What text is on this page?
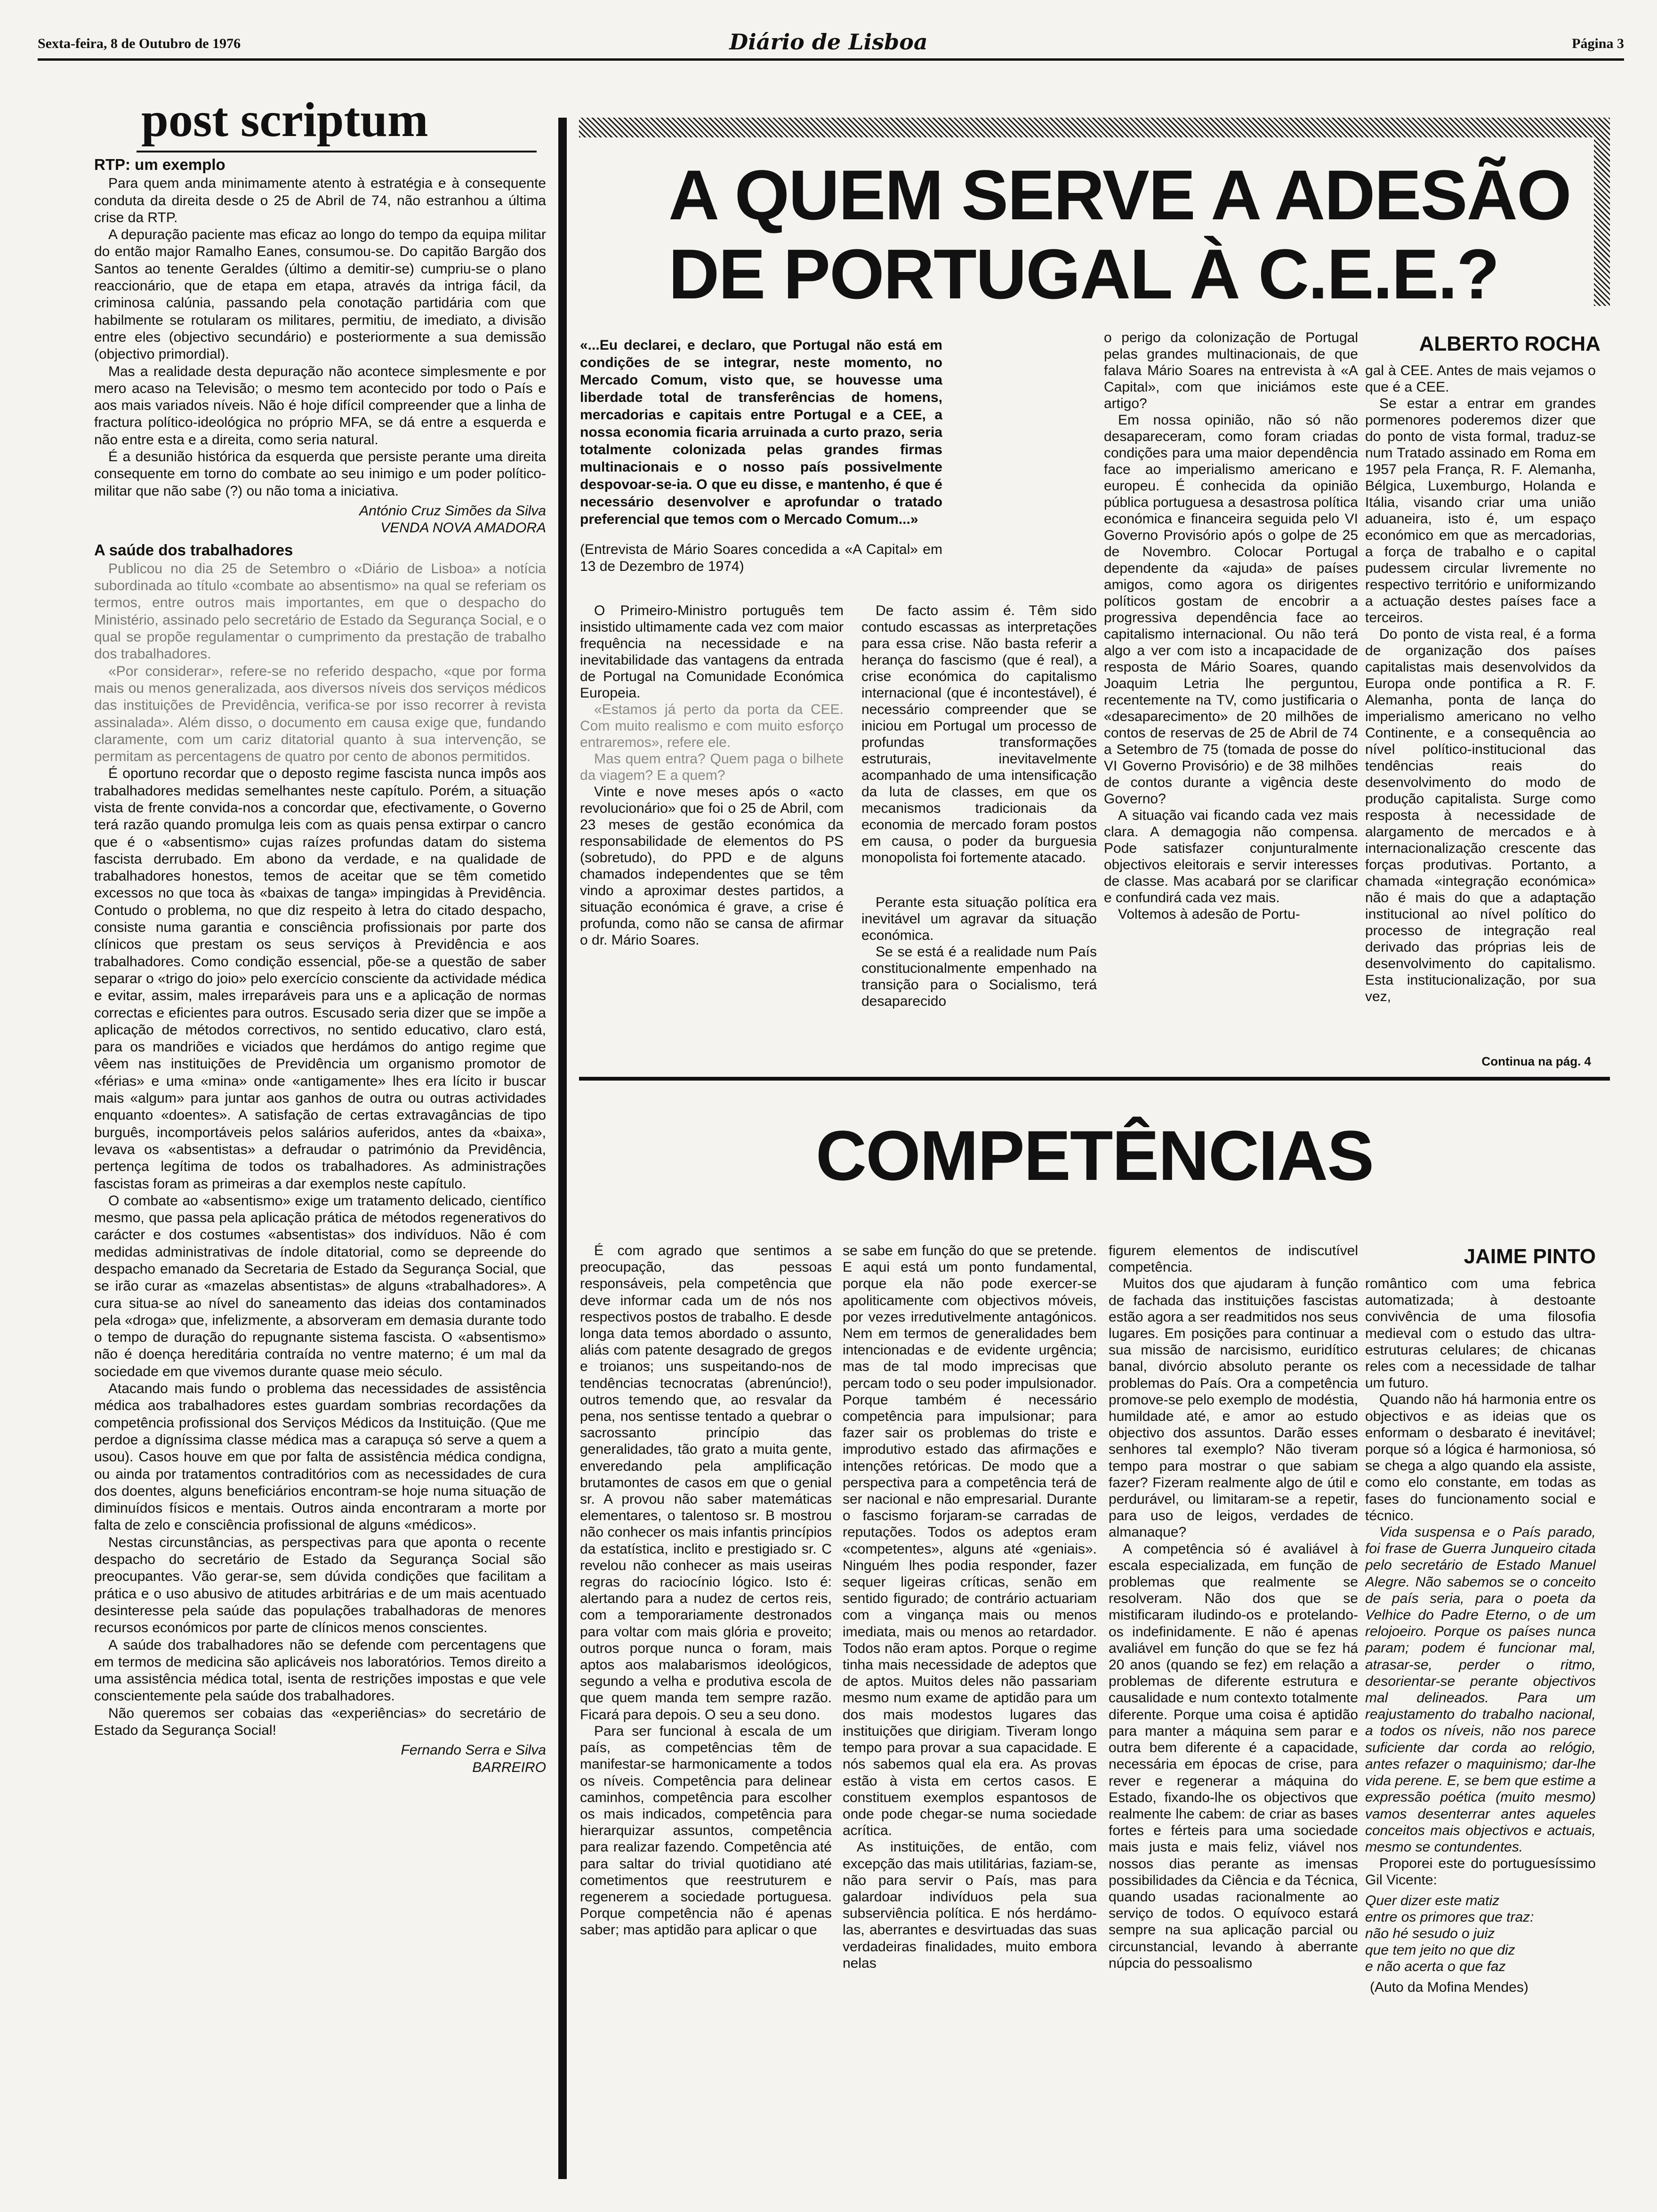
Sexta-feira, 8 de Outubro de 1976	Diário de Lisboa	Página 3
post scriptum
RTP: um exemplo

Para quem anda minimamente atento à estratégia e à consequente conduta da direita desde o 25 de Abril de 74, não estranhou a última crise da RTP.

A depuração paciente mas eficaz ao longo do tempo da equipa militar do então major Ramalho Eanes, consumou-se. Do capitão Bargão dos Santos ao tenente Geraldes (último a demitir-se) cumpriu-se o plano reaccionário, que de etapa em etapa, através da intriga fácil, da criminosa calúnia, passando pela conotação partidária com que habilmente se rotularam os militares, permitiu, de imediato, a divisão entre eles (objectivo secundário) e posteriormente a sua demissão (objectivo primordial).

Mas a realidade desta depuração não acontece simplesmente e por mero acaso na Televisão; o mesmo tem acontecido por todo o País e aos mais variados níveis. Não é hoje difícil compreender que a linha de fractura político-ideológica no próprio MFA, se dá entre a esquerda e não entre esta e a direita, como seria natural.

É a desunião histórica da esquerda que persiste perante uma direita consequente em torno do combate ao seu inimigo e um poder político-militar que não sabe (?) ou não toma a iniciativa.

António Cruz Simões da Silva
VENDA NOVA AMADORA
A saúde dos trabalhadores

Publicou no dia 25 de Setembro o «Diário de Lisboa» a notícia subordinada ao título «combate ao absentismo» na qual se referiam os termos, entre outros mais importantes, em que o despacho do Ministério, assinado pelo secretário de Estado da Segurança Social, e o qual se propõe regulamentar o cumprimento da prestação de trabalho dos trabalhadores.

«Por considerar», refere-se no referido despacho, «que por forma mais ou menos generalizada, aos diversos níveis dos serviços médicos das instituições de Previdência, verifica-se por isso recorrer à revista assinalada». Além disso, o documento em causa exige que, fundando claramente, com um cariz ditatorial quanto à sua intervenção, se permitam as percentagens de quatro por cento de abonos permitidos.

É oportuno recordar que o deposto regime fascista nunca impôs aos trabalhadores medidas semelhantes neste capítulo. Porém, a situação vista de frente convida-nos a concordar que, efectivamente, o Governo terá razão quando promulga leis com as quais pensa extirpar o cancro que é o «absentismo» cujas raízes profundas datam do sistema fascista derrubado. Em abono da verdade, e na qualidade de trabalhadores honestos, temos de aceitar que se têm cometido excessos no que toca às «baixas de tanga» impingidas à Previdência. Contudo o problema, no que diz respeito à letra do citado despacho, consiste numa garantia e consciência profissionais por parte dos clínicos que prestam os seus serviços à Previdência e aos trabalhadores. Como condição essencial, põe-se a questão de saber separar o «trigo do joio» pelo exercício consciente da actividade médica e evitar, assim, males irreparáveis para uns e a aplicação de normas correctas e eficientes para outros. Escusado seria dizer que se impõe a aplicação de métodos correctivos, no sentido educativo, claro está, para os mandriões e viciados que herdámos do antigo regime que vêem nas instituições de Previdência um organismo promotor de «férias» e uma «mina» onde «antigamente» lhes era lícito ir buscar mais «algum» para juntar aos ganhos de outra ou outras actividades enquanto «doentes». A satisfação de certas extravagâncias de tipo burguês, incomportáveis pelos salários auferidos, antes da «baixa», levava os «absentistas» a defraudar o património da Previdência, pertença legítima de todos os trabalhadores. As administrações fascistas foram as primeiras a dar exemplos neste capítulo.

O combate ao «absentismo» exige um tratamento delicado, científico mesmo, que passa pela aplicação prática de métodos regenerativos do carácter e dos costumes «absentistas» dos indivíduos. Não é com medidas administrativas de índole ditatorial, como se depreende do despacho emanado da Secretaria de Estado da Segurança Social, que se irão curar as «mazelas absentistas» de alguns «trabalhadores». A cura situa-se ao nível do saneamento das ideias dos contaminados pela «droga» que, infelizmente, a absorveram em demasia durante todo o tempo de duração do repugnante sistema fascista. O «absentismo» não é doença hereditária contraída no ventre materno; é um mal da sociedade em que vivemos durante quase meio século.

Atacando mais fundo o problema das necessidades de assistência médica aos trabalhadores estes guardam sombrias recordações da competência profissional dos Serviços Médicos da Instituição. (Que me perdoe a digníssima classe médica mas a carapuça só serve a quem a usou). Casos houve em que por falta de assistência médica condigna, ou ainda por tratamentos contraditórios com as necessidades de cura dos doentes, alguns beneficiários encontram-se hoje numa situação de diminuídos físicos e mentais. Outros ainda encontraram a morte por falta de zelo e consciência profissional de alguns «médicos».

Nestas circunstâncias, as perspectivas para que aponta o recente despacho do secretário de Estado da Segurança Social são preocupantes. Vão gerar-se, sem dúvida condições que facilitam a prática e o uso abusivo de atitudes arbitrárias e de um mais acentuado desinteresse pela saúde das populações trabalhadoras de menores recursos económicos por parte de clínicos menos conscientes.

A saúde dos trabalhadores não se defende com percentagens que em termos de medicina são aplicáveis nos laboratórios. Temos direito a uma assistência médica total, isenta de restrições impostas e que vele conscientemente pela saúde dos trabalhadores.

Não queremos ser cobaias das «experiências» do secretário de Estado da Segurança Social!

Fernando Serra e Silva
BARREIRO
A QUEM SERVE A ADESÃO
DE PORTUGAL À C.E.E.?
«...Eu declarei, e declaro, que Portugal não está em condições de se integrar, neste momento, no Mercado Comum, visto que, se houvesse uma liberdade total de transferências de homens, mercadorias e capitais entre Portugal e a CEE, a nossa economia ficaria arruinada a curto prazo, seria totalmente colonizada pelas grandes firmas multinacionais e o nosso país possivelmente despovoar-se-ia. O que eu disse, e mantenho, é que é necessário desenvolver e aprofundar o tratado preferencial que temos com o Mercado Comum...»
(Entrevista de Mário Soares concedida a «A Capital» em 13 de Dezembro de 1974)

O Primeiro-Ministro português tem insistido ultimamente cada vez com maior frequência na necessidade e na inevitabilidade das vantagens da entrada de Portugal na Comunidade Económica Europeia.

«Estamos já perto da porta da CEE. Com muito realismo e com muito esforço entraremos», refere ele.

Mas quem entra? Quem paga o bilhete da viagem? E a quem?

Vinte e nove meses após o «acto revolucionário» que foi o 25 de Abril, com 23 meses de gestão económica da responsabilidade de elementos do PS (sobretudo), do PPD e de alguns chamados independentes que se têm vindo a aproximar destes partidos, a situação económica é grave, a crise é profunda, como não se cansa de afirmar o dr. Mário Soares.

De facto assim é. Têm sido contudo escassas as interpretações para essa crise. Não basta referir a herança do fascismo (que é real), a crise económica do capitalismo internacional (que é incontestável), é necessário compreender que se iniciou em Portugal um processo de profundas transformações estruturais, inevitavelmente acompanhado de uma intensificação da luta de classes, em que os mecanismos tradicionais da economia de mercado foram postos em causa, o poder da burguesia monopolista foi fortemente atacado.

Perante esta situação política era inevitável um agravar da situação económica.

Se se está é a realidade num País constitucionalmente empenhado na transição para o Socialismo, terá desaparecido

o perigo da colonização de Portugal pelas grandes multinacionais, de que falava Mário Soares na entrevista à «A Capital», com que iniciámos este artigo?

Em nossa opinião, não só não desapareceram, como foram criadas condições para uma maior dependência face ao imperialismo americano e europeu. É conhecida da opinião pública portuguesa a desastrosa política económica e financeira seguida pelo VI Governo Provisório após o golpe de 25 de Novembro. Colocar Portugal dependente da «ajuda» de países amigos, como agora os dirigentes políticos gostam de encobrir a progressiva dependência face ao capitalismo internacional. Ou não terá algo a ver com isto a incapacidade de resposta de Mário Soares, quando Joaquim Letria lhe perguntou, recentemente na TV, como justificaria o «desaparecimento» de 20 milhões de contos de reservas de 25 de Abril de 74 a Setembro de 75 (tomada de posse do VI Governo Provisório) e de 38 milhões de contos durante a vigência deste Governo?

A situação vai ficando cada vez mais clara. A demagogia não compensa. Pode satisfazer conjunturalmente objectivos eleitorais e servir interesses de classe. Mas acabará por se clarificar e confundirá cada vez mais.

Voltemos à adesão de Portu-

ALBERTO ROCHA

gal à CEE. Antes de mais vejamos o que é a CEE.

Se estar a entrar em grandes pormenores poderemos dizer que do ponto de vista formal, traduz-se num Tratado assinado em Roma em 1957 pela França, R. F. Alemanha, Bélgica, Luxemburgo, Holanda e Itália, visando criar uma união aduaneira, isto é, um espaço económico em que as mercadorias, a força de trabalho e o capital pudessem circular livremente no respectivo território e uniformizando a actuação destes países face a terceiros.

Do ponto de vista real, é a forma de organização dos países capitalistas mais desenvolvidos da Europa onde pontifica a R. F. Alemanha, ponta de lança do imperialismo americano no velho Continente, e a consequência ao nível político-institucional das tendências reais do desenvolvimento do modo de produção capitalista. Surge como resposta à necessidade de alargamento de mercados e à internacionalização crescente das forças produtivas. Portanto, a chamada «integração económica» não é mais do que a adaptação institucional ao nível político do processo de integração real derivado das próprias leis de desenvolvimento do capitalismo. Esta institucionalização, por sua vez,

Continua na pág. 4
COMPETÊNCIAS

É com agrado que sentimos a preocupação, das pessoas responsáveis, pela competência que deve informar cada um de nós nos respectivos postos de trabalho. E desde longa data temos abordado o assunto, aliás com patente desagrado de gregos e troianos; uns suspeitando-nos de tendências tecnocratas (abrenúncio!), outros temendo que, ao resvalar da pena, nos sentisse tentado a quebrar o sacrossanto princípio das generalidades, tão grato a muita gente, enveredando pela amplificação brutamontes de casos em que o genial sr. A provou não saber matemáticas elementares, o talentoso sr. B mostrou não conhecer os mais infantis princípios da estatística, inclito e prestigiado sr. C revelou não conhecer as mais useiras regras do raciocínio lógico. Isto é: alertando para a nudez de certos reis, com a temporariamente destronados para voltar com mais glória e proveito; outros porque nunca o foram, mais aptos aos malabarismos ideológicos, segundo a velha e produtiva escola de que quem manda tem sempre razão. Ficará para depois. O seu a seu dono.

Para ser funcional à escala de um país, as competências têm de manifestar-se harmonicamente a todos os níveis. Competência para delinear caminhos, competência para escolher os mais indicados, competência para hierarquizar assuntos, competência para realizar fazendo. Competência até para saltar do trivial quotidiano até cometimentos que reestruturem e regenerem a sociedade portuguesa. Porque competência não é apenas saber; mas aptidão para aplicar o que

se sabe em função do que se pretende. E aqui está um ponto fundamental, porque ela não pode exercer-se apoliticamente com objectivos móveis, por vezes irredutivelmente antagónicos. Nem em termos de generalidades bem intencionadas e de evidente urgência; mas de tal modo imprecisas que percam todo o seu poder impulsionador. Porque também é necessário competência para impulsionar; para fazer sair os problemas do triste e improdutivo estado das afirmações e intenções retóricas. De modo que a perspectiva para a competência terá de ser nacional e não empresarial. Durante o fascismo forjaram-se carradas de reputações. Todos os adeptos eram «competentes», alguns até «geniais». Ninguém lhes podia responder, fazer sequer ligeiras críticas, senão em sentido figurado; de contrário actuariam com a vingança mais ou menos imediata, mais ou menos ao retardador. Todos não eram aptos. Porque o regime tinha mais necessidade de adeptos que de aptos. Muitos deles não passariam mesmo num exame de aptidão para um dos mais modestos lugares das instituições que dirigiam. Tiveram longo tempo para provar a sua capacidade. E nós sabemos qual ela era. As provas estão à vista em certos casos. E constituem exemplos espantosos de onde pode chegar-se numa sociedade acrítica.

As instituições, de então, com excepção das mais utilitárias, faziam-se, não para servir o País, mas para galardoar indivíduos pela sua subserviência política. E nós herdámo-las, aberrantes e desvirtuadas das suas verdadeiras finalidades, muito embora nelas

figurem elementos de indiscutível competência.

Muitos dos que ajudaram à função de fachada das instituições fascistas estão agora a ser readmitidos nos seus lugares. Em posições para continuar a sua missão de narcisismo, euridítico banal, divórcio absoluto perante os problemas do País. Ora a competência promove-se pelo exemplo de modéstia, humildade até, e amor ao estudo objectivo dos assuntos. Darão esses senhores tal exemplo? Não tiveram tempo para mostrar o que sabiam fazer? Fizeram realmente algo de útil e perdurável, ou limitaram-se a repetir, para uso de leigos, verdades de almanaque?

A competência só é avaliável à escala especializada, em função de problemas que realmente se resolveram. Não dos que se mistificaram iludindo-os e protelando-os indefinidamente. E não é apenas avaliável em função do que se fez há 20 anos (quando se fez) em relação a problemas de diferente estrutura e causalidade e num contexto totalmente diferente. Porque uma coisa é aptidão para manter a máquina sem parar e outra bem diferente é a capacidade, necessária em épocas de crise, para rever e regenerar a máquina do Estado, fixando-lhe os objectivos que realmente lhe cabem: de criar as bases fortes e férteis para uma sociedade mais justa e mais feliz, viável nos nossos dias perante as imensas possibilidades da Ciência e da Técnica, quando usadas racionalmente ao serviço de todos. O equívoco estará sempre na sua aplicação parcial ou circunstancial, levando à aberrante núpcia do pessoalismo

JAIME PINTO

romântico com uma febrica automatizada; à destoante convivência de uma filosofia medieval com o estudo das ultra-estruturas celulares; de chicanas reles com a necessidade de talhar um futuro.

Quando não há harmonia entre os objectivos e as ideias que os enformam o desbarato é inevitável; porque só a lógica é harmoniosa, só se chega a algo quando ela assiste, como elo constante, em todas as fases do funcionamento social e técnico.

Vida suspensa e o País parado, foi frase de Guerra Junqueiro citada pelo secretário de Estado Manuel Alegre. Não sabemos se o conceito de país seria, para o poeta da Velhice do Padre Eterno, o de um relojoeiro. Porque os países nunca param; podem é funcionar mal, atrasar-se, perder o ritmo, desorientar-se perante objectivos mal delineados. Para um reajustamento do trabalho nacional, a todos os níveis, não nos parece suficiente dar corda ao relógio, antes refazer o maquinismo; dar-lhe vida perene. E, se bem que estime a expressão poética (muito mesmo) vamos desenterrar antes aqueles conceitos mais objectivos e actuais, mesmo se contundentes.

Proporei este do portuguesíssimo Gil Vicente:

Quer dizer este matiz
entre os primores que traz:
não hé sesudo o juiz
que tem jeito no que diz
e não acerta o que faz
(Auto da Mofina Mendes)
